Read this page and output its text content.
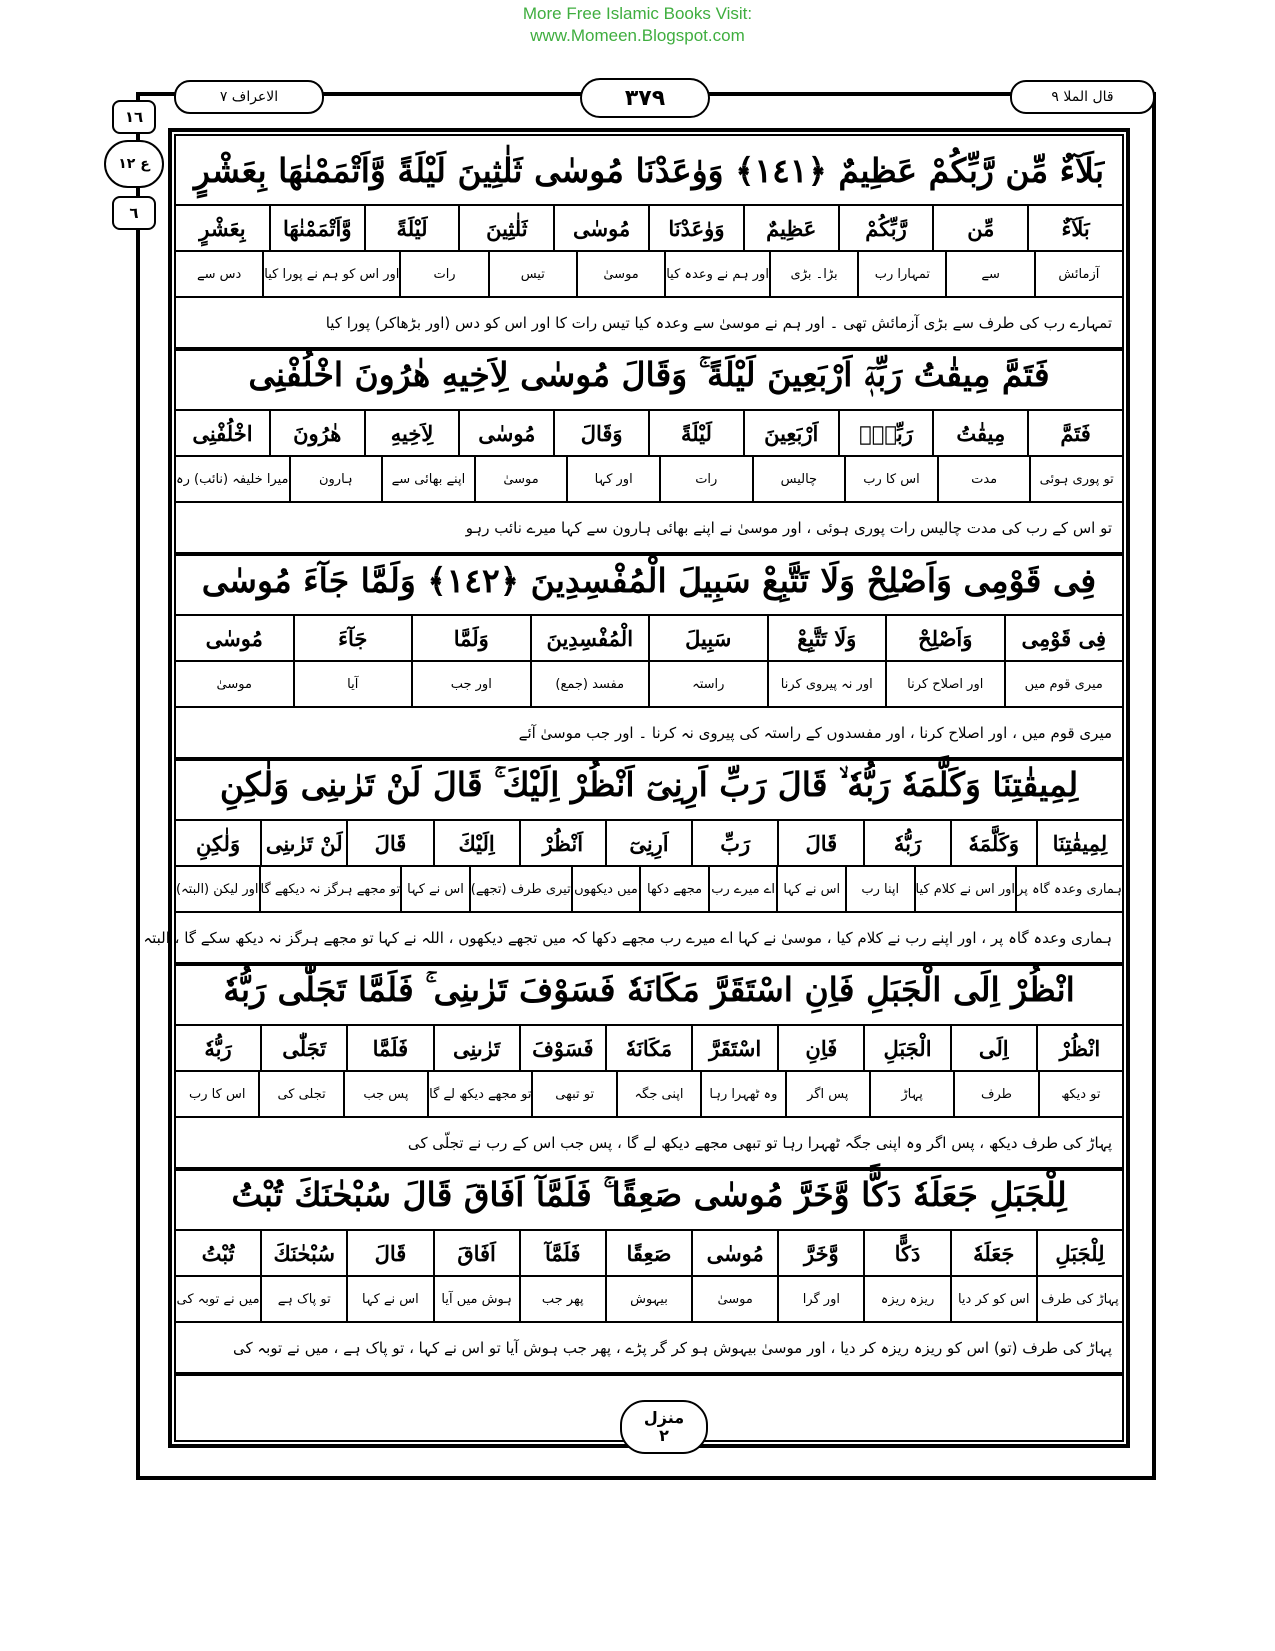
More Free Islamic Books Visit:
www.Momeen.Blogspot.com
الاعراف ٧	٣٧٩	قال الملا ٩
١٦
ع ١٢
٦
بَلَآءٌ مِّن رَّبِّكُمْ عَظِيمٌ ﴿١٤١﴾ وَوٰعَدْنَا مُوسٰى ثَلٰثِينَ لَيْلَةً وَّاَتْمَمْنٰهَا بِعَشْرٍ
بَلَآءٌ
مِّن
رَّبِّكُمْ
عَظِيمٌ
وَوٰعَدْنَا
مُوسٰى
ثَلٰثِينَ
لَيْلَةً
وَّاَتْمَمْنٰهَا
بِعَشْرٍ
آزمائش
سے
تمہارا رب
بڑا۔ بڑی
اور ہم نے وعدہ کیا
موسیٰ
تیس
رات
اور اس کو ہم نے پورا کیا
دس سے
تمہارے رب کی طرف سے بڑی آزمائش تھی ۔ اور ہم نے موسیٰ سے وعدہ کیا تیس رات کا اور اس کو دس (اور بڑھاکر) پورا کیا
فَتَمَّ مِيقٰتُ رَبِّهٖٓ اَرْبَعِينَ لَيْلَةً ۚ وَقَالَ مُوسٰى لِاَخِيهِ هٰرُونَ اخْلُفْنِى
فَتَمَّ
مِيقٰتُ
رَبِّهٖٓ
اَرْبَعِينَ
لَيْلَةً
وَقَالَ
مُوسٰى
لِاَخِيهِ
هٰرُونَ
اخْلُفْنِى
تو پوری ہوئی
مدت
اس کا رب
چالیس
رات
اور کہا
موسیٰ
اپنے بھائی سے
ہارون
میرا خلیفہ (نائب) رہ
تو اس کے رب کی مدت چالیس رات پوری ہوئی ، اور موسیٰ نے اپنے بھائی ہارون سے کہا میرے نائب رہو
فِى قَوْمِى وَاَصْلِحْ وَلَا تَتَّبِعْ سَبِيلَ الْمُفْسِدِينَ ﴿١٤٢﴾ وَلَمَّا جَآءَ مُوسٰى
فِى قَوْمِى
وَاَصْلِحْ
وَلَا تَتَّبِعْ
سَبِيلَ
الْمُفْسِدِينَ
وَلَمَّا
جَآءَ
مُوسٰى
میری قوم میں
اور اصلاح کرنا
اور نہ پیروی کرنا
راستہ
مفسد (جمع)
اور جب
آیا
موسیٰ
میری قوم میں ، اور اصلاح کرنا ، اور مفسدوں کے راستہ کی پیروی نہ کرنا ۔ اور جب موسیٰ آئے
لِمِيقٰتِنَا وَكَلَّمَهٗ رَبُّهٗ ۙ قَالَ رَبِّ اَرِنِىٓ اَنْظُرْ اِلَيْكَ ۚ قَالَ لَنْ تَرٰىنِى وَلٰكِنِ
لِمِيقٰتِنَا
وَكَلَّمَهٗ
رَبُّهٗ
قَالَ
رَبِّ
اَرِنِىٓ
اَنْظُرْ
اِلَيْكَ
قَالَ
لَنْ تَرٰىنِى
وَلٰكِنِ
ہماری وعدہ گاہ پر
اور اس نے کلام کیا
اپنا رب
اس نے کہا
اے میرے رب
مجھے دکھا
میں دیکھوں
تیری طرف (تجھے)
اس نے کہا
تو مجھے ہرگز نہ دیکھے گا
اور لیکن (البتہ)
ہماری وعدہ گاہ پر ، اور اپنے رب نے کلام کیا ، موسیٰ نے کہا اے میرے رب مجھے دکھا کہ میں تجھے دیکھوں ، اللہ نے کہا تو مجھے ہرگز نہ دیکھ سکے گا ، البتہ
انْظُرْ اِلَى الْجَبَلِ فَاِنِ اسْتَقَرَّ مَكَانَهٗ فَسَوْفَ تَرٰىنِى ۚ فَلَمَّا تَجَلّٰى رَبُّهٗ
انْظُرْ
اِلَى
الْجَبَلِ
فَاِنِ
اسْتَقَرَّ
مَكَانَهٗ
فَسَوْفَ
تَرٰىنِى
فَلَمَّا
تَجَلّٰى
رَبُّهٗ
تو دیکھ
طرف
پہاڑ
پس اگر
وہ ٹھہرا رہا
اپنی جگہ
تو تبھی
تو مجھے دیکھ لے گا
پس جب
تجلی کی
اس کا رب
پہاڑ کی طرف دیکھ ، پس اگر وہ اپنی جگہ ٹھہرا رہا تو تبھی مجھے دیکھ لے گا ، پس جب اس کے رب نے تجلّی کی
لِلْجَبَلِ جَعَلَهٗ دَكًّا وَّخَرَّ مُوسٰى صَعِقًا ۚ فَلَمَّآ اَفَاقَ قَالَ سُبْحٰنَكَ تُبْتُ
لِلْجَبَلِ
جَعَلَهٗ
دَكًّا
وَّخَرَّ
مُوسٰى
صَعِقًا
فَلَمَّآ
اَفَاقَ
قَالَ
سُبْحٰنَكَ
تُبْتُ
پہاڑ کی طرف
اس کو کر دیا
ریزہ ریزہ
اور گرا
موسیٰ
بیہوش
پھر جب
ہوش میں آیا
اس نے کہا
تو پاک ہے
میں نے توبہ کی
پہاڑ کی طرف (تو) اس کو ریزہ ریزہ کر دیا ، اور موسیٰ بیہوش ہو کر گر پڑے ، پھر جب ہوش آیا تو اس نے کہا ، تو پاک ہے ، میں نے توبہ کی
منزل
٢
